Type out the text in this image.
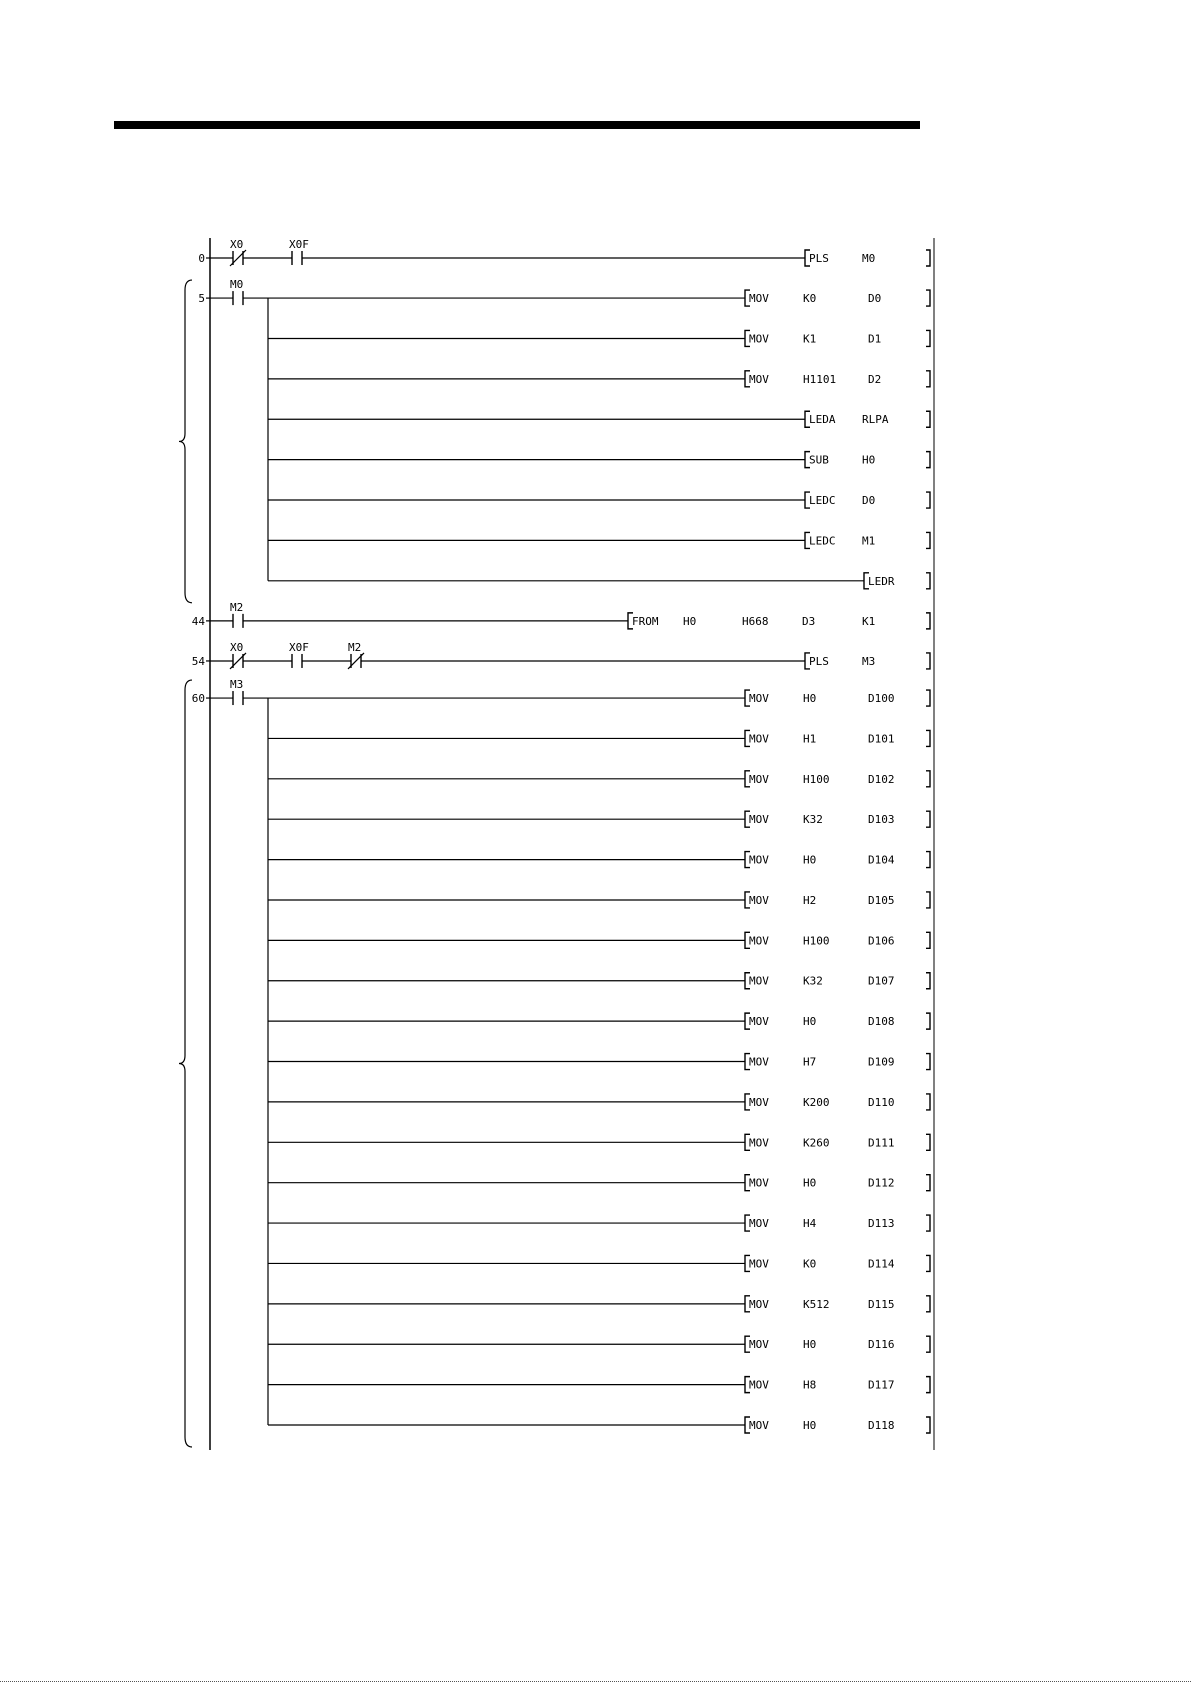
0
X0	X0F
PLS	M0
5
M0
MOV	K0	D0
MOV	K1	D1
MOV	H1101	D2
LEDA RLPA
SUB	H0
LEDC D0
LEDC M1
LEDR
44
M2
FROM H0	H668	D3	K1
54
X0	X0F	M2
PLS	M3
60
M3
MOV	H0	D100
MOV	H1	D101
MOV	H100	D102
MOV	K32	D103
MOV	H0	D104
MOV	H2	D105
MOV	H100	D106
MOV	K32	D107
MOV	H0	D108
MOV	H7	D109
MOV	K200	D110
MOV	K260	D111
MOV	H0	D112
MOV	H4	D113
MOV	K0	D114
MOV	K512	D115
MOV	H0	D116
MOV	H8	D117
MOV	H0	D118
